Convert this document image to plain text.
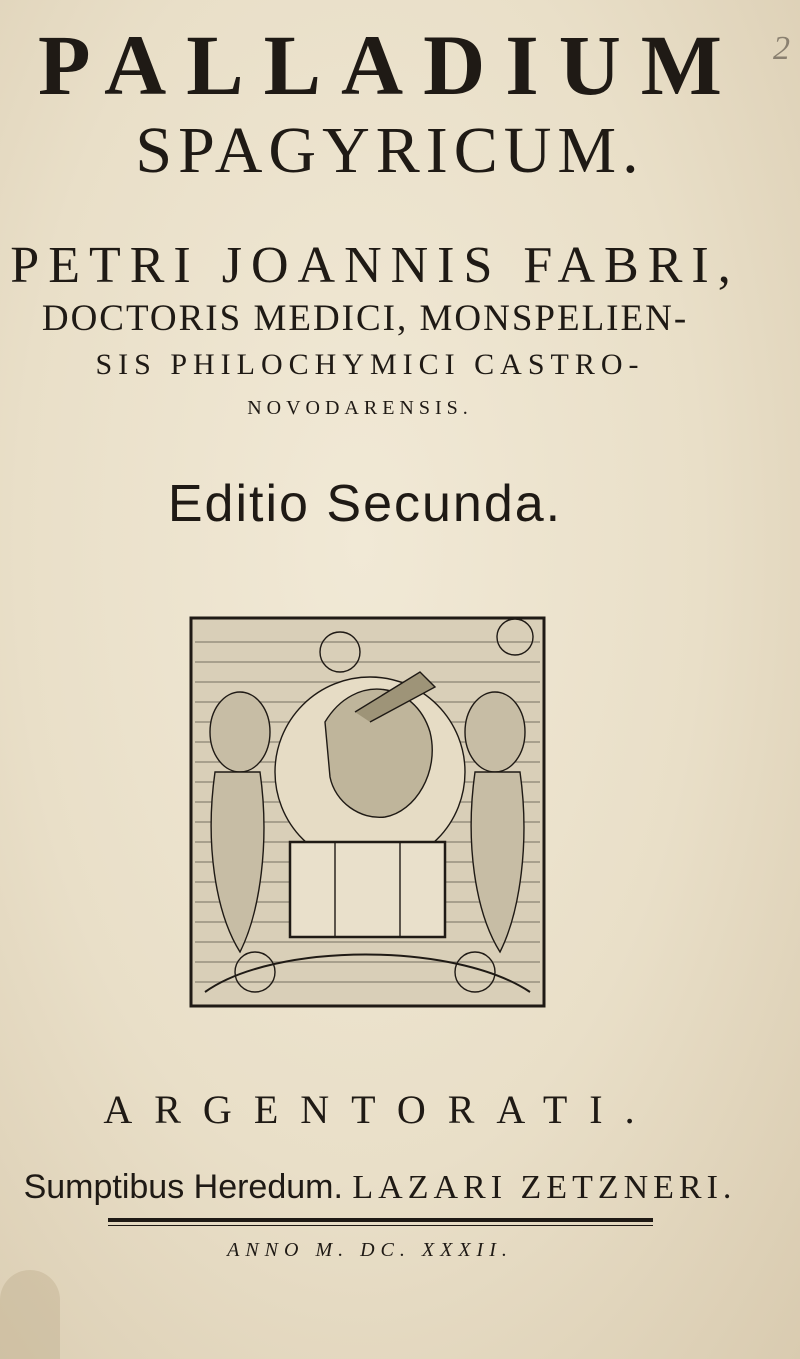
PALLADIUM
SPAGYRICUM.
PETRI JOANNIS FABRI,
DOCTORIS MEDICI, MONSPELIEN-
SIS PHILOCHYMICI CASTRO-
NOVODARENSIS.
Editio Secunda.
ARGENTORATI.
Sumptibus Heredum. LAZARI ZETZNERI.
ANNO M. DC. XXXII.
2
